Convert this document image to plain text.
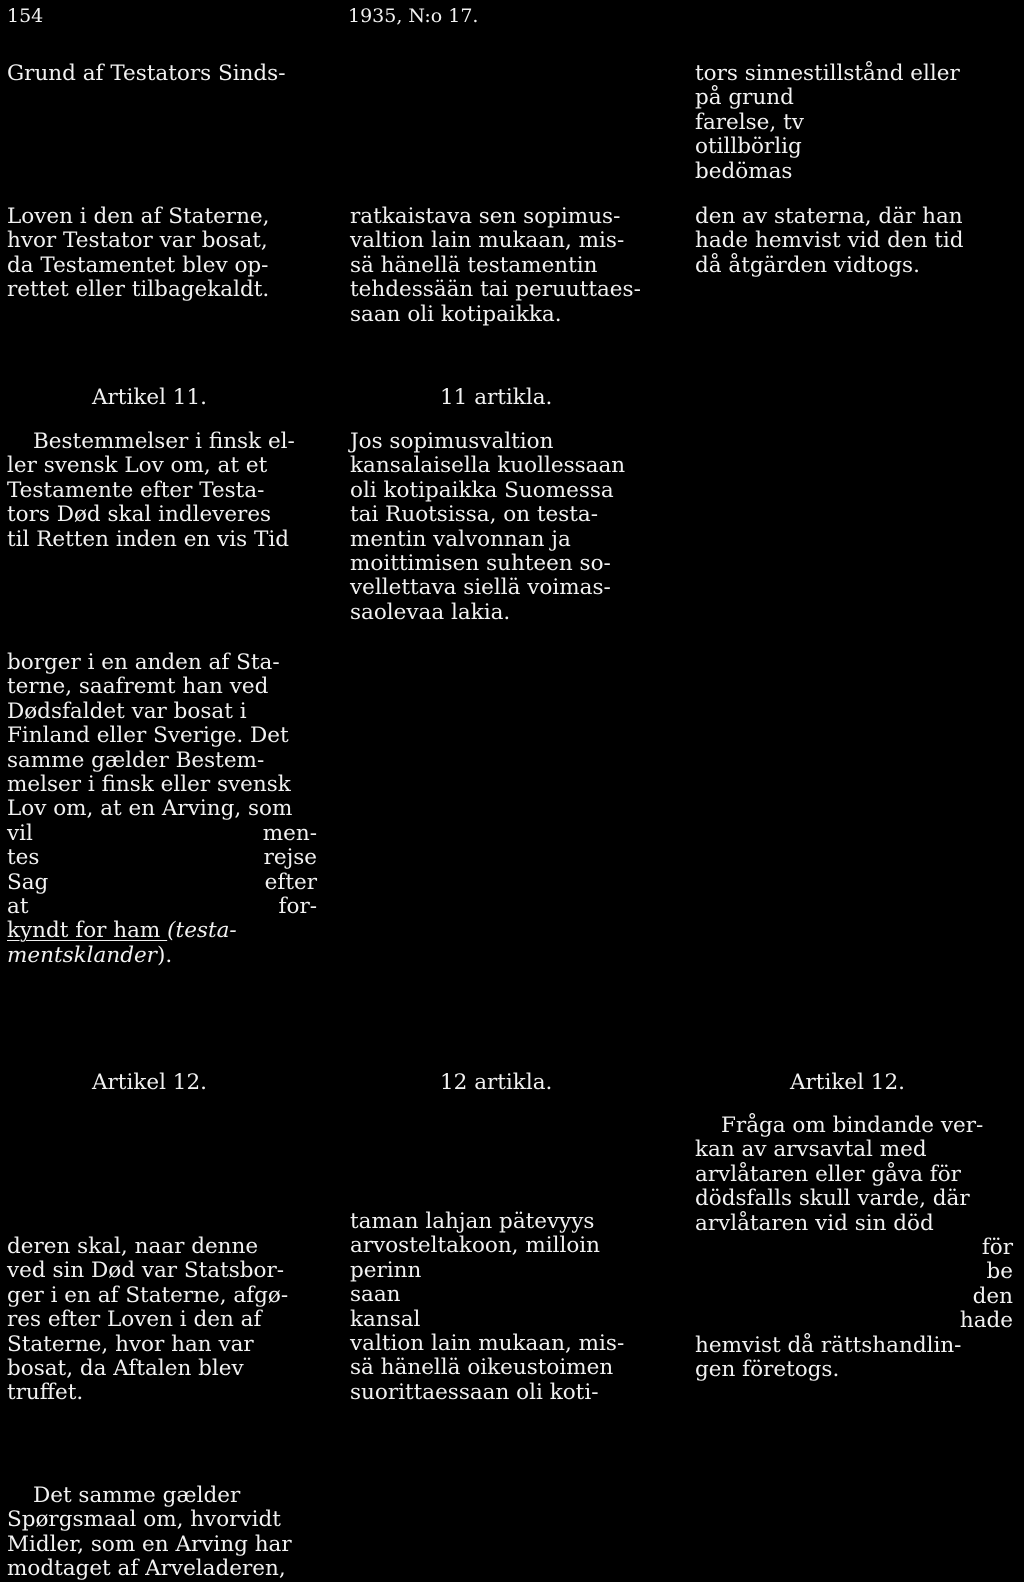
154	1935, N:o 17.
Grund af Testators Sinds-
Loven i den af Staterne,
hvor Testator var bosat,
da Testamentet blev op-
rettet eller tilbagekaldt.
Artikel 11.
Bestemmelser i finsk el-
ler svensk Lov om, at et
Testamente efter Testa-
tors Død skal indleveres
til Retten inden en vis Tid
borger i en anden af Sta-
terne, saafremt han ved
Dødsfaldet var bosat i
Finland eller Sverige. Det
samme gælder Bestem-
melser i finsk eller svensk
Lov om, at en Arving, som
vil	men-
tes	rejse
Sag	efter
at	for-
kyndt for ham (testa-
mentsklander).
Artikel 12.
deren skal, naar denne
ved sin Død var Statsbor-
ger i en af Staterne, afgø-
res efter Loven i den af
Staterne, hvor han var
bosat, da Aftalen blev
truffet.
Det samme gælder
Spørgsmaal om, hvorvidt
Midler, som en Arving har
modtaget af Arveladeren,
ratkaistava sen sopimus-
valtion lain mukaan, mis-
sä hänellä testamentin
tehdessään tai peruuttaes-
saan oli kotipaikka.
11 artikla.
Jos sopimusvaltion
kansalaisella kuollessaan
oli kotipaikka Suomessa
tai Ruotsissa, on testa-
mentin valvonnan ja
moittimisen suhteen so-
vellettava siellä voimas-
saolevaa lakia.
12 artikla.
taman lahjan pätevyys
arvosteltakoon, milloin
perinn
saan
kansal
valtion lain mukaan, mis-
sä hänellä oikeustoimen
suorittaessaan oli koti-
tors sinnestillstånd eller
på grund
farelse, tv
otillbörlig
bedömas
den av staterna, där han
hade hemvist vid den tid
då åtgärden vidtogs.
Artikel 12.
Fråga om bindande ver-
kan av arvsavtal med
arvlåtaren eller gåva för
dödsfalls skull varde, där
arvlåtaren vid sin död
för
be
den
hade
hemvist då rättshandlin-
gen företogs.
